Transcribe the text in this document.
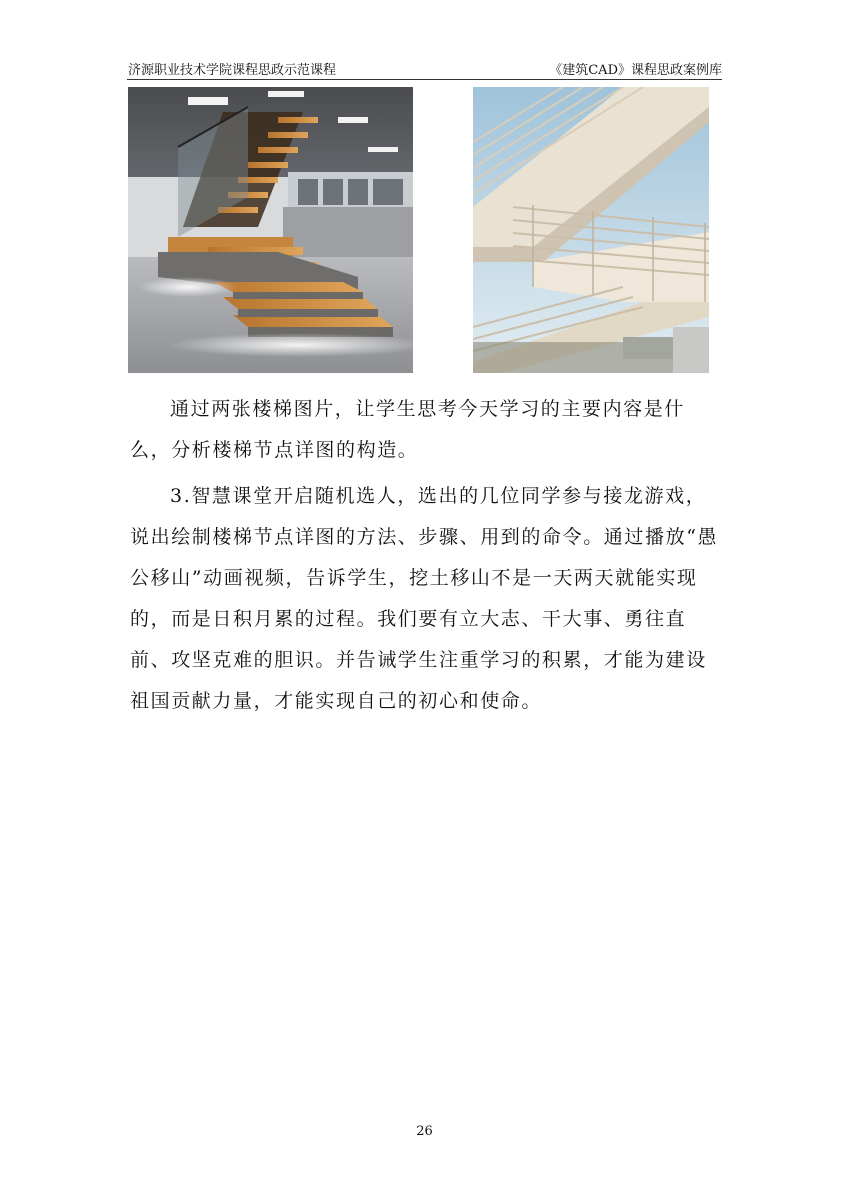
济源职业技术学院课程思政示范课程	《建筑CAD》课程思政案例库

通过两张楼梯图片，让学生思考今天学习的主要内容是什么，分析楼梯节点详图的构造。

3.智慧课堂开启随机选人，选出的几位同学参与接龙游戏，说出绘制楼梯节点详图的方法、步骤、用到的命令。通过播放“愚公移山”动画视频，告诉学生，挖土移山不是一天两天就能实现的，而是日积月累的过程。我们要有立大志、干大事、勇往直前、攻坚克难的胆识。并告诫学生注重学习的积累，才能为建设祖国贡献力量，才能实现自己的初心和使命。

26
